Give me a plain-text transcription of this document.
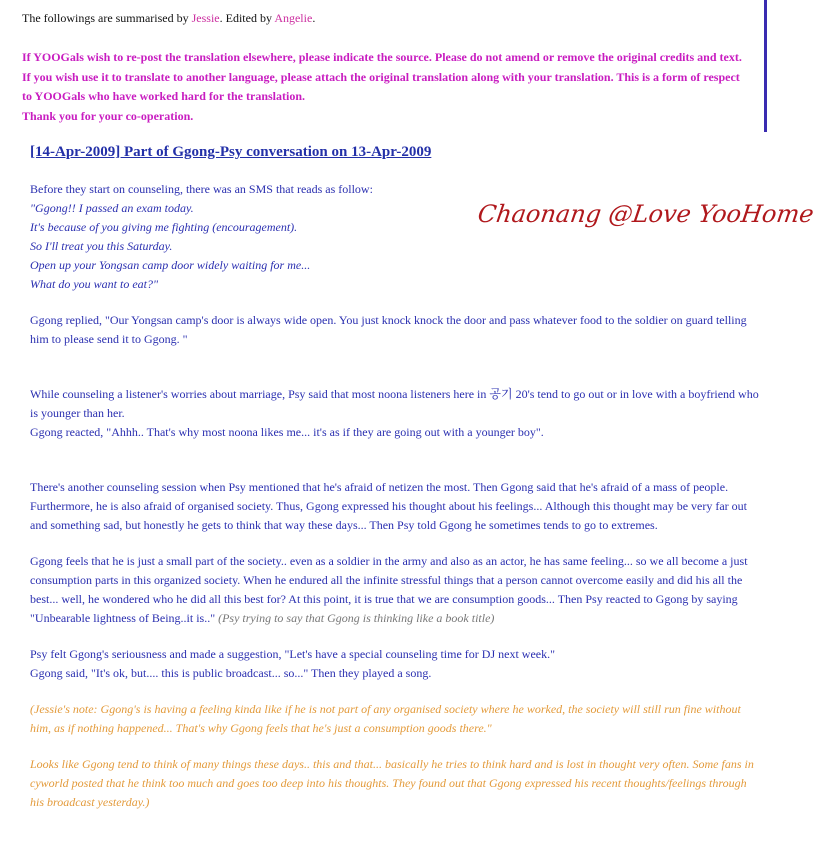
The followings are summarised by Jessie. Edited by Angelie.

If YOOGals wish to re-post the translation elsewhere, please indicate the source. Please do not amend or remove the original credits and text. If you wish use it to translate to another language, please attach the original translation along with your translation. This is a form of respect to YOOGals who have worked hard for the translation.

Thank you for your co-operation.

[14-Apr-2009] Part of Ggong-Psy conversation on 13-Apr-2009
Chaonang @Love YooHome

Before they start on counseling, there was an SMS that reads as follow:

"Ggong!! I passed an exam today.

It's because of you giving me fighting (encouragement).

So I'll treat you this Saturday.

Open up your Yongsan camp door widely waiting for me...

What do you want to eat?"

Ggong replied, "Our Yongsan camp's door is always wide open. You just knock knock the door and pass whatever food to the soldier on guard telling him to please send it to Ggong. "

While counseling a listener's worries about marriage, Psy said that most noona listeners here in 공기 20's tend to go out or in love with a boyfriend who is younger than her.

Ggong reacted, "Ahhh.. That's why most noona likes me... it's as if they are going out with a younger boy".

There's another counseling session when Psy mentioned that he's afraid of netizen the most. Then Ggong said that he's afraid of a mass of people. Furthermore, he is also afraid of organised society. Thus, Ggong expressed his thought about his feelings... Although this thought may be very far out and something sad, but honestly he gets to think that way these days... Then Psy told Ggong he sometimes tends to go to extremes.

Ggong feels that he is just a small part of the society.. even as a soldier in the army and also as an actor, he has same feeling... so we all become a just consumption parts in this organized society. When he endured all the infinite stressful things that a person cannot overcome easily and did his all the best... well, he wondered who he did all this best for? At this point, it is true that we are consumption goods... Then Psy reacted to Ggong by saying "Unbearable lightness of Being..it is.." (Psy trying to say that Ggong is thinking like a book title)

Psy felt Ggong's seriousness and made a suggestion, "Let's have a special counseling time for DJ next week."

Ggong said, "It's ok, but.... this is public broadcast... so..." Then they played a song.

(Jessie's note: Ggong's is having a feeling kinda like if he is not part of any organised society where he worked, the society will still run fine without him, as if nothing happened... That's why Ggong feels that he's just a consumption goods there."

Looks like Ggong tend to think of many things these days.. this and that... basically he tries to think hard and is lost in thought very often. Some fans in cyworld posted that he think too much and goes too deep into his thoughts. They found out that Ggong expressed his recent thoughts/feelings through his broadcast yesterday.)
